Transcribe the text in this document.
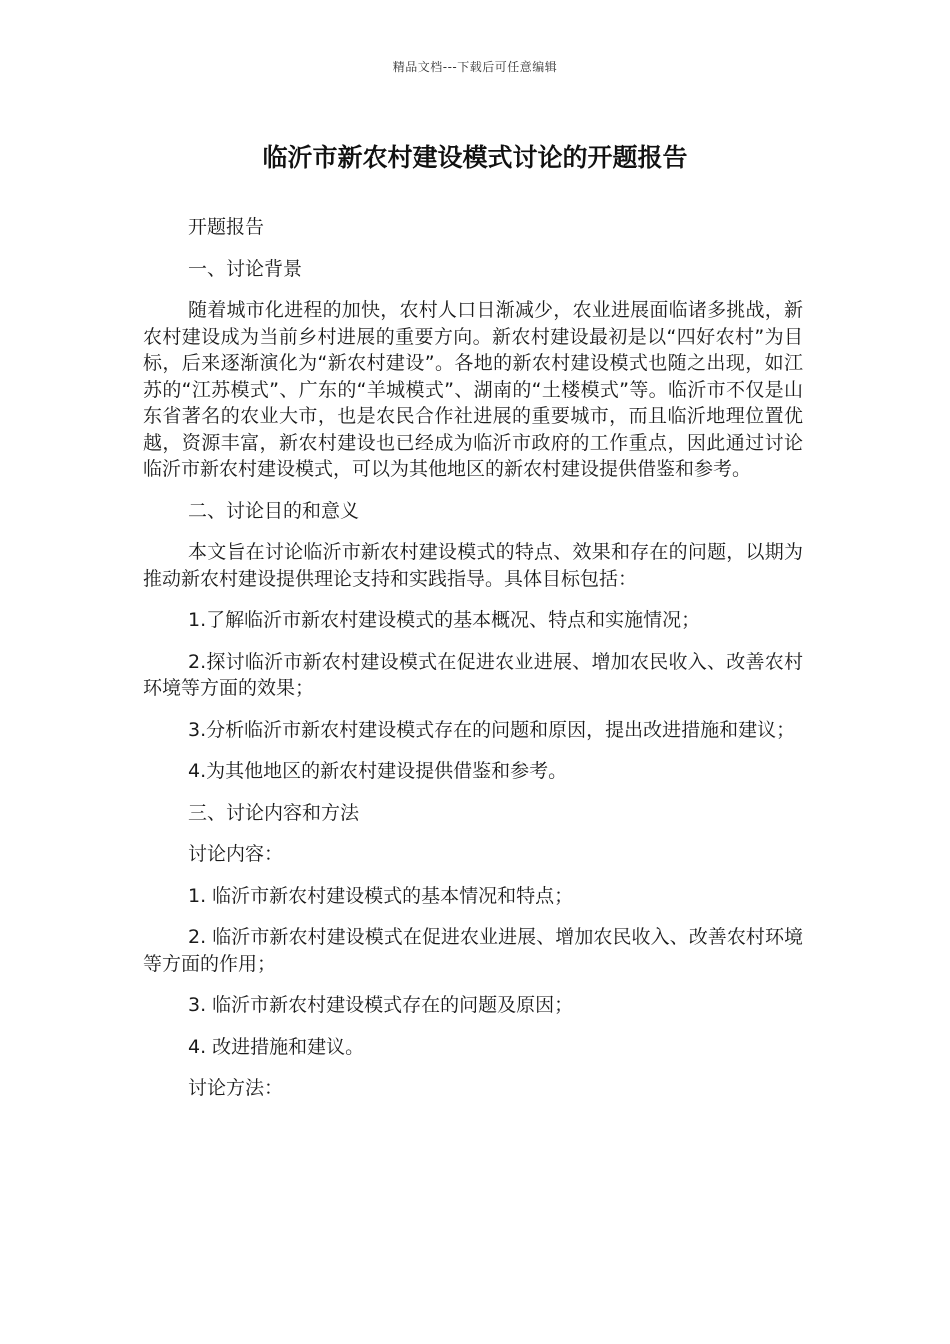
精品文档---下载后可任意编辑
临沂市新农村建设模式讨论的开题报告

开题报告

一、讨论背景

随着城市化进程的加快，农村人口日渐减少，农业进展面临诸多挑战，新农村建设成为当前乡村进展的重要方向。新农村建设最初是以“四好农村”为目标，后来逐渐演化为“新农村建设”。各地的新农村建设模式也随之出现，如江苏的“江苏模式”、广东的“羊城模式”、湖南的“土楼模式”等。临沂市不仅是山东省著名的农业大市，也是农民合作社进展的重要城市，而且临沂地理位置优越，资源丰富，新农村建设也已经成为临沂市政府的工作重点，因此通过讨论临沂市新农村建设模式，可以为其他地区的新农村建设提供借鉴和参考。

二、讨论目的和意义

本文旨在讨论临沂市新农村建设模式的特点、效果和存在的问题，以期为推动新农村建设提供理论支持和实践指导。具体目标包括：

1.了解临沂市新农村建设模式的基本概况、特点和实施情况；

2.探讨临沂市新农村建设模式在促进农业进展、增加农民收入、改善农村环境等方面的效果；

3.分析临沂市新农村建设模式存在的问题和原因，提出改进措施和建议；

4.为其他地区的新农村建设提供借鉴和参考。

三、讨论内容和方法

讨论内容：

1. 临沂市新农村建设模式的基本情况和特点；

2. 临沂市新农村建设模式在促进农业进展、增加农民收入、改善农村环境等方面的作用；

3. 临沂市新农村建设模式存在的问题及原因；

4. 改进措施和建议。

讨论方法：
